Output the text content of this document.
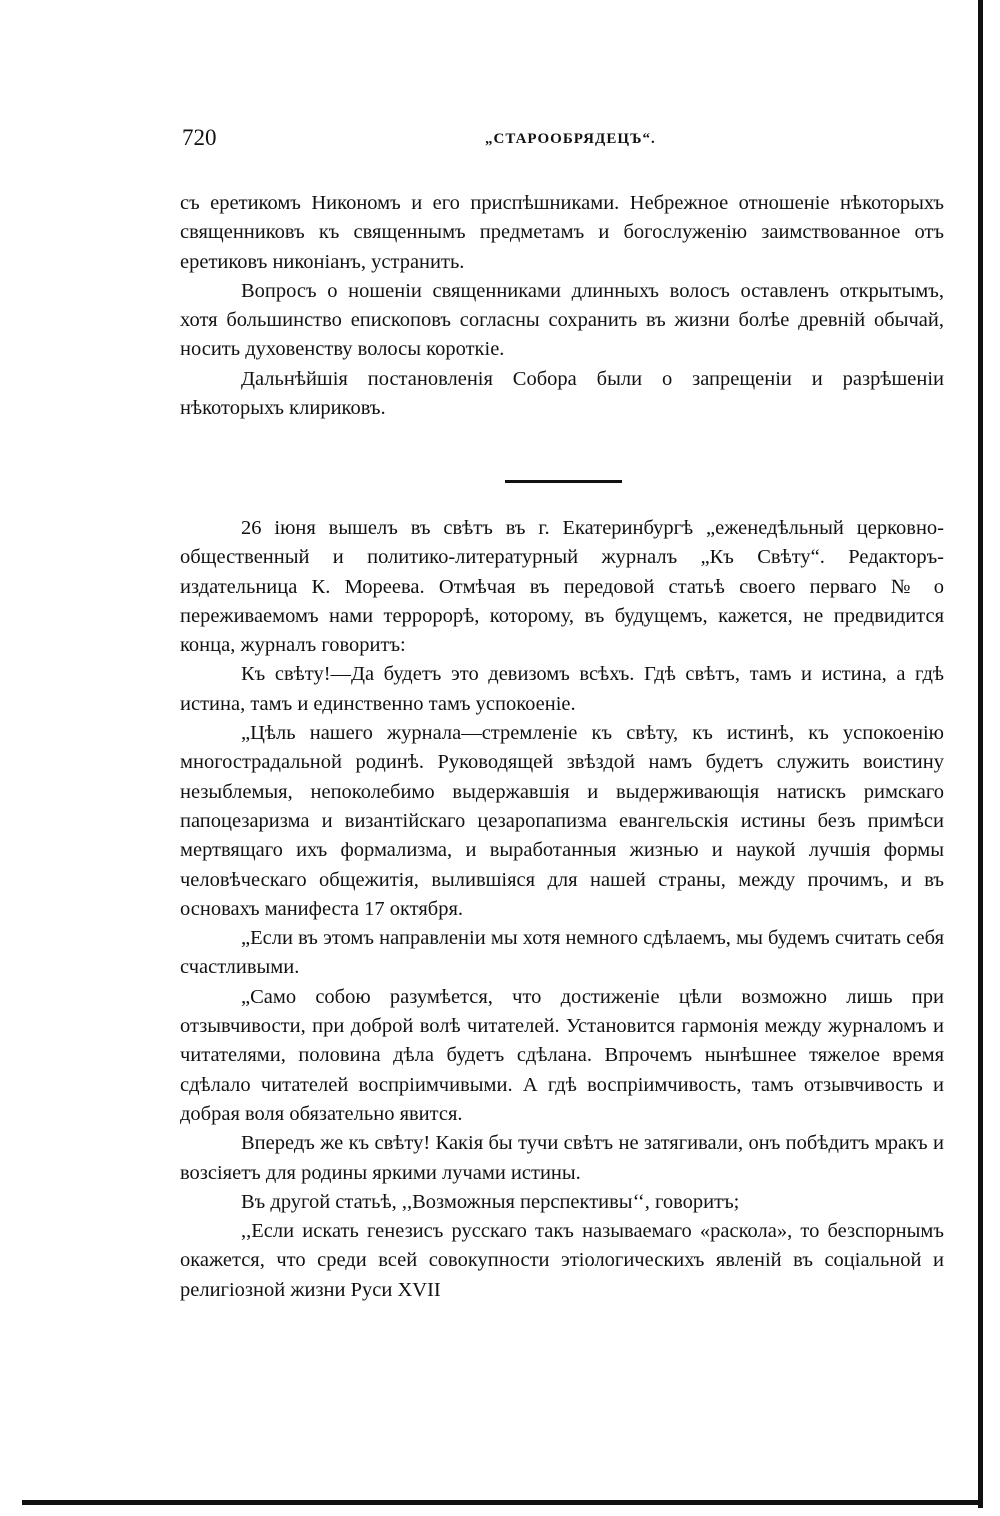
720	„СТАРООБРЯДЕЦЪ“.

съ еретикомъ Никономъ и его приспѣшниками. Небрежное отношеніе нѣкоторыхъ священниковъ къ священнымъ предметамъ и богослуженію заимствованное отъ еретиковъ никоніанъ, устранить.

Вопросъ о ношеніи священниками длинныхъ волосъ оставленъ открытымъ, хотя большинство епископовъ согласны сохранить въ жизни болѣе древній обычай, носить духовенству волосы короткіе.

Дальнѣйшія постановленія Собора были о запрещеніи и разрѣшеніи нѣкоторыхъ клириковъ.

26 іюня вышелъ въ свѣтъ въ г. Екатеринбургѣ „еженедѣльный церковно-общественный и политико-литературный журналъ „Къ Свѣту“. Редакторъ-издательница К. Мореева. Отмѣчая въ передовой статьѣ своего перваго № о переживаемомъ нами терророрѣ, которому, въ будущемъ, кажется, не предвидится конца, журналъ говоритъ:

Къ свѣту!—Да будетъ это девизомъ всѣхъ. Гдѣ свѣтъ, тамъ и истина, а гдѣ истина, тамъ и единственно тамъ успокоеніе.

„Цѣль нашего журнала—стремленіе къ свѣту, къ истинѣ, къ успокоенію многострадальной родинѣ. Руководящей звѣздой намъ будетъ служить воистину незыблемыя, непоколебимо выдержавшія и выдерживающія натискъ римскаго папоцезаризма и византійскаго цезаропапизма евангельскія истины безъ примѣси мертвящаго ихъ формализма, и выработанныя жизнью и наукой лучшія формы человѣческаго общежитія, вылившіяся для нашей страны, между прочимъ, и въ основахъ манифеста 17 октября.

„Если въ этомъ направленіи мы хотя немного сдѣлаемъ, мы будемъ считать себя счастливыми.

„Само собою разумѣется, что достиженіе цѣли возможно лишь при отзывчивости, при доброй волѣ читателей. Установится гармонія между журналомъ и читателями, половина дѣла будетъ сдѣлана. Впрочемъ нынѣшнее тяжелое время сдѣлало читателей воспріимчивыми. А гдѣ воспріимчивость, тамъ отзывчивость и добрая воля обязательно явится.

Впередъ же къ свѣту! Какія бы тучи свѣтъ не затягивали, онъ побѣдитъ мракъ и возсіяетъ для родины яркими лучами истины.

Въ другой статьѣ, ,,Возможныя перспективы‘‘, говоритъ;

,,Если искать генезисъ русскаго такъ называемаго «раскола», то безспорнымъ окажется, что среди всей совокупности этіологическихъ явленій въ соціальной и религіозной жизни Руси XVII
